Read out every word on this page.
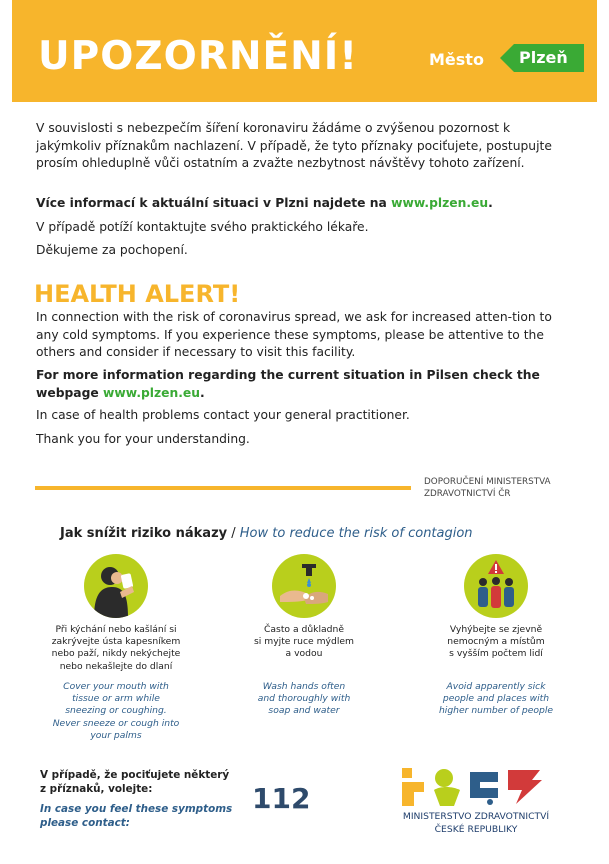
UPOZORNĚNÍ!	Město Plzeň
V souvislosti s nebezpečím šíření koronaviru žádáme o zvýšenou pozornost k jakýmkoliv příznakům nachlazení. V případě, že tyto příznaky pociťujete, postupujte prosím ohleduplně vůči ostatním a zvažte nezbytnost návštěvy tohoto zařízení.
Více informací k aktuální situaci v Plzni najdete na www.plzen.eu.
V případě potíží kontaktujte svého praktického lékaře.
Děkujeme za pochopení.
HEALTH ALERT!
In connection with the risk of coronavirus spread, we ask for increased atten-tion to any cold symptoms. If you experience these symptoms, please be attentive to the others and consider if necessary to visit this facility.
For more information regarding the current situation in Pilsen check the webpage www.plzen.eu.
In case of health problems contact your general practitioner.
Thank you for your understanding.
DOPORUČENÍ MINISTERSTVA
ZDRAVOTNICTVÍ ČR
Jak snížit riziko nákazy / How to reduce the risk of contagion
Při kýchání nebo kašlání si
zakrývejte ústa kapesníkem
nebo paží, nikdy nekýchejte
nebo nekašlejte do dlaní
Cover your mouth with
tissue or arm while
sneezing or coughing.
Never sneeze or cough into
your palms
Často a důkladně
si myjte ruce mýdlem
a vodou
Wash hands often
and thoroughly with
soap and water
Vyhýbejte se zjevně
nemocným a místům
s vyšším počtem lidí
Avoid apparently sick
people and places with
higher number of people
V případě, že pociťujete některý
z příznaků, volejte:
In case you feel these symptoms
please contact:
112
MINISTERSTVO ZDRAVOTNICTVÍ
ČESKÉ REPUBLIKY
